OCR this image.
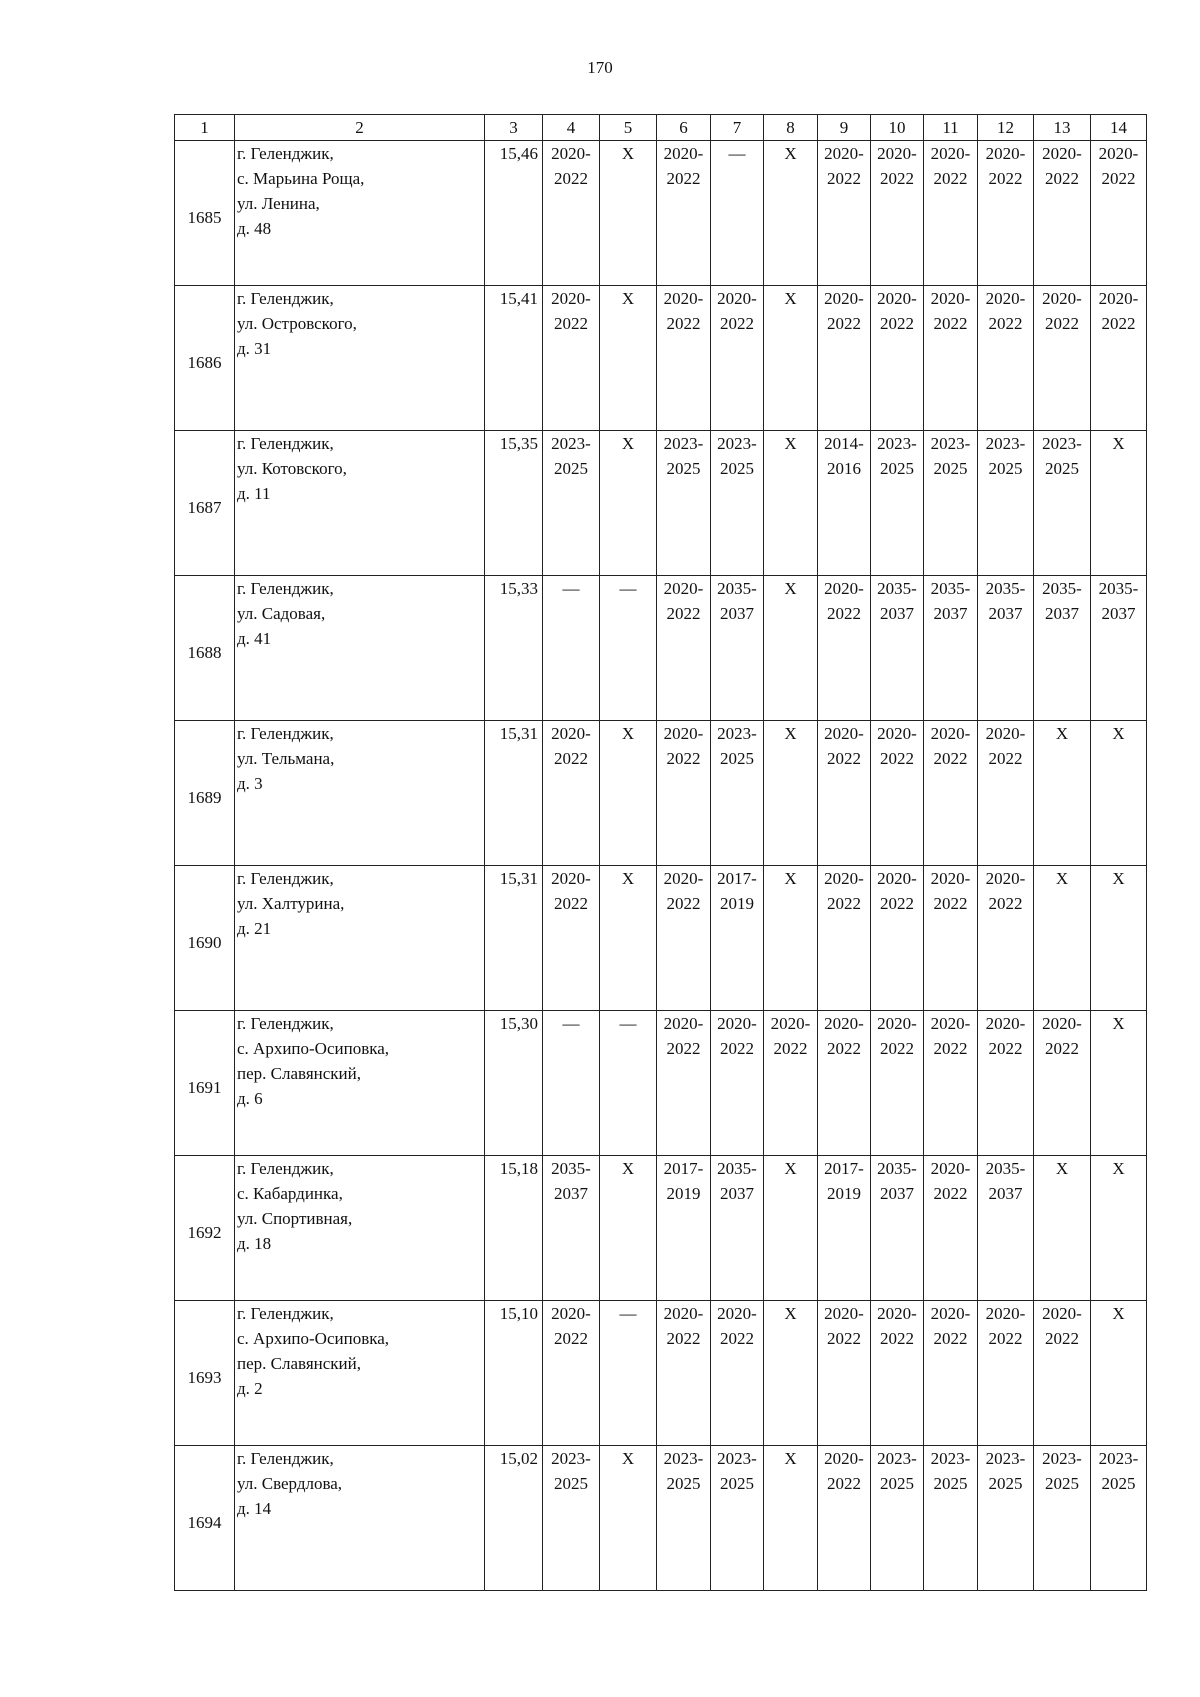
170
1	2	3	4	5	6	7	8	9	10	11	12	13	14
1685	г. Геленджик,
с. Марьина Роща,
ул. Ленина,
д. 48	15,46	2020-
2022	X	2020-
2022	—	X	2020-
2022	2020-
2022	2020-
2022	2020-
2022	2020-
2022	2020-
2022

1686	г. Геленджик,
ул. Островского,
д. 31	15,41	2020-
2022	X	2020-
2022	2020-
2022	X	2020-
2022	2020-
2022	2020-
2022	2020-
2022	2020-
2022	2020-
2022

1687	г. Геленджик,
ул. Котовского,
д. 11	15,35	2023-
2025	X	2023-
2025	2023-
2025	X	2014-
2016	2023-
2025	2023-
2025	2023-
2025	2023-
2025	X

1688	г. Геленджик,
ул. Садовая,
д. 41	15,33	—	—	2020-
2022	2035-
2037	X	2020-
2022	2035-
2037	2035-
2037	2035-
2037	2035-
2037	2035-
2037

1689	г. Геленджик,
ул. Тельмана,
д. 3	15,31	2020-
2022	X	2020-
2022	2023-
2025	X	2020-
2022	2020-
2022	2020-
2022	2020-
2022	X	X

1690	г. Геленджик,
ул. Халтурина,
д. 21	15,31	2020-
2022	X	2020-
2022	2017-
2019	X	2020-
2022	2020-
2022	2020-
2022	2020-
2022	X	X

1691	г. Геленджик,
с. Архипо-Осиповка,
пер. Славянский,
д. 6	15,30	—	—	2020-
2022	2020-
2022	2020-
2022	2020-
2022	2020-
2022	2020-
2022	2020-
2022	2020-
2022	X

1692	г. Геленджик,
с. Кабардинка,
ул. Спортивная,
д. 18	15,18	2035-
2037	X	2017-
2019	2035-
2037	X	2017-
2019	2035-
2037	2020-
2022	2035-
2037	X	X

1693	г. Геленджик,
с. Архипо-Осиповка,
пер. Славянский,
д. 2	15,10	2020-
2022	—	2020-
2022	2020-
2022	X	2020-
2022	2020-
2022	2020-
2022	2020-
2022	2020-
2022	X

1694	г. Геленджик,
ул. Свердлова,
д. 14	15,02	2023-
2025	X	2023-
2025	2023-
2025	X	2020-
2022	2023-
2025	2023-
2025	2023-
2025	2023-
2025	2023-
2025
